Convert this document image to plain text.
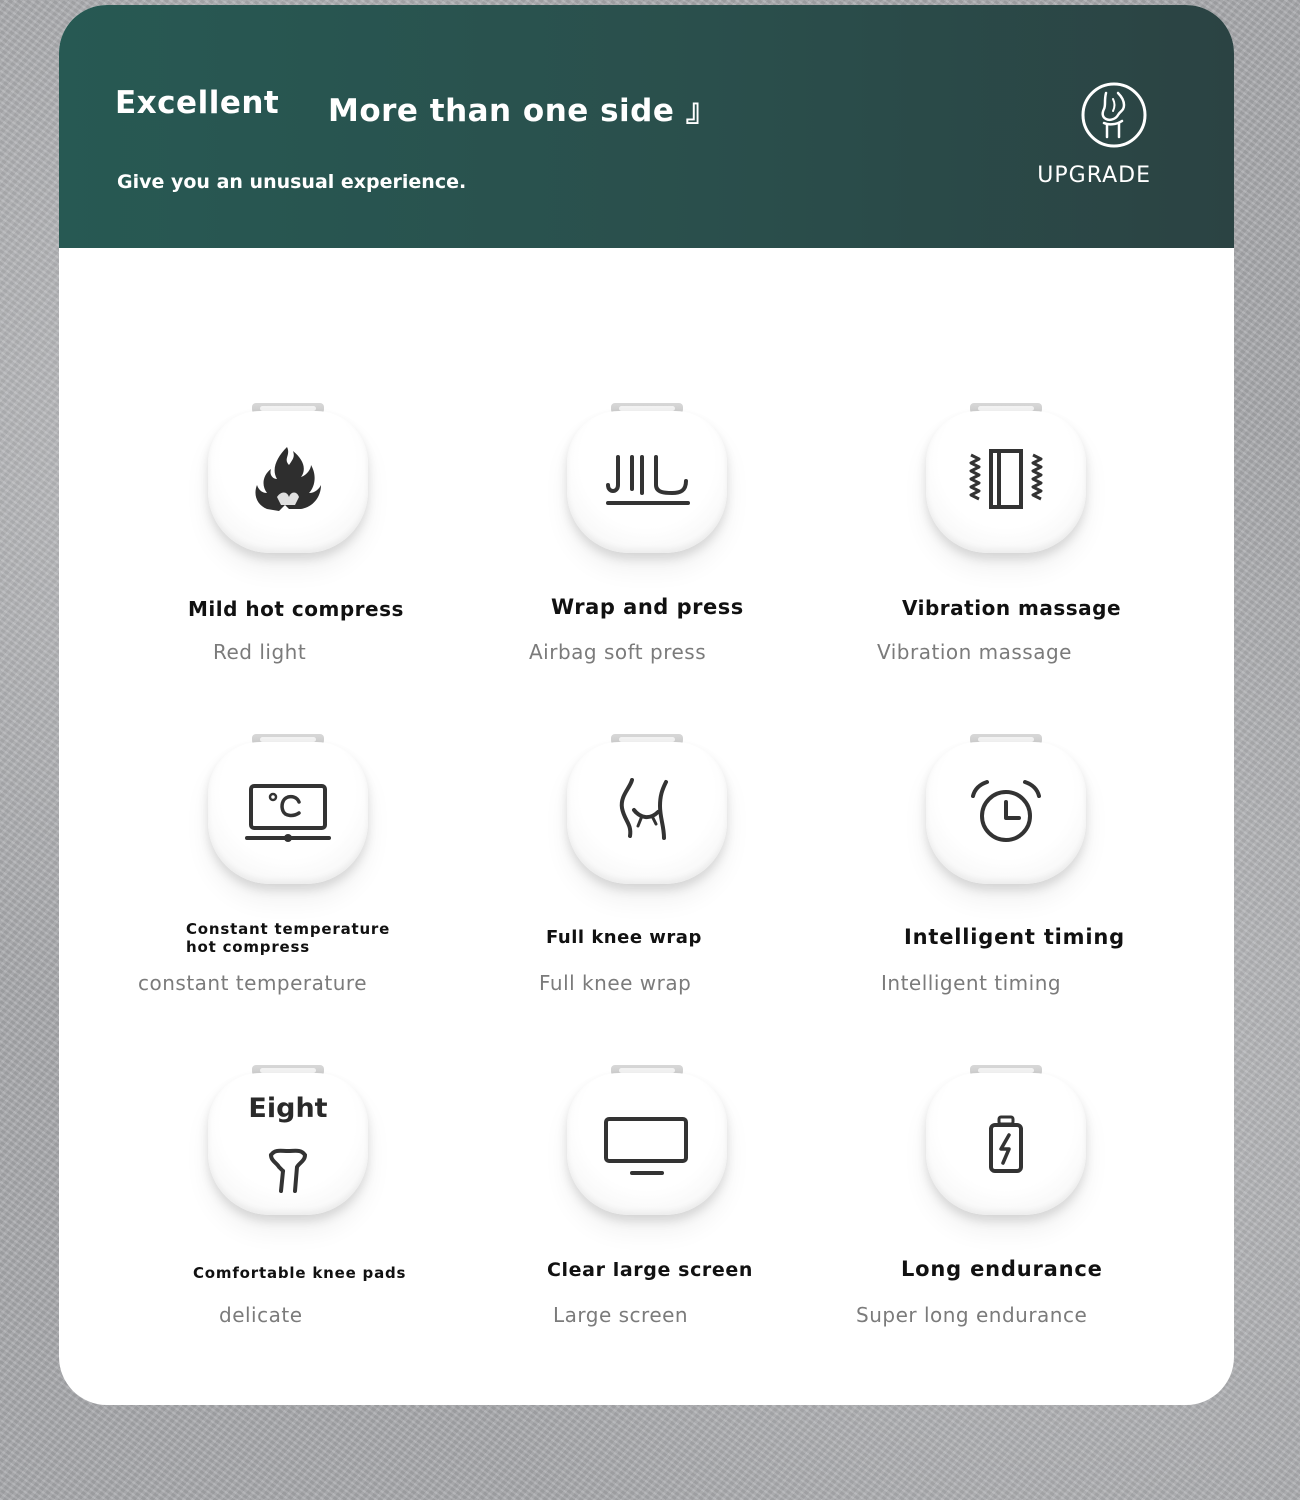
Excellent More than one side 』
Give you an unusual experience.	UPGRADE
Mild hot compress
Red light
Wrap and press
Airbag soft press
Vibration massage
Vibration massage
Constant temperature
hot compress
constant temperature
Full knee wrap
Full knee wrap
Intelligent timing
Intelligent timing
Eight
Comfortable knee pads
delicate
Clear large screen
Large screen
Long endurance
Super long endurance
